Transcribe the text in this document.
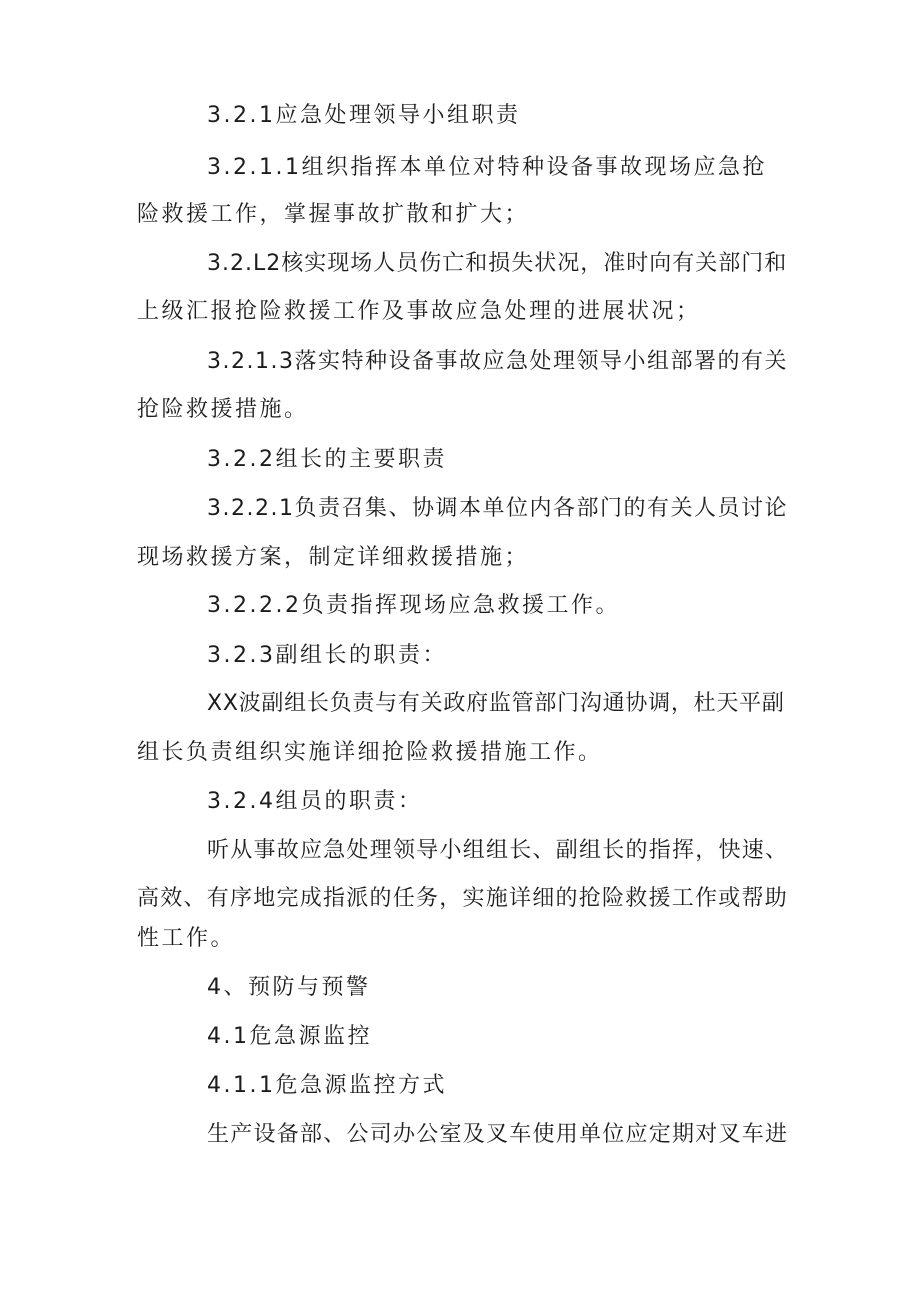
3.2.1应急处理领导小组职责
3.2.1.1组织指挥本单位对特种设备事故现场应急抢
险救援工作，掌握事故扩散和扩大；
3.2.L2核实现场人员伤亡和损失状况，准时向有关部门和
上级汇报抢险救援工作及事故应急处理的进展状况；
3.2.1.3落实特种设备事故应急处理领导小组部署的有关
抢险救援措施。
3.2.2组长的主要职责
3.2.2.1负责召集、协调本单位内各部门的有关人员讨论
现场救援方案，制定详细救援措施；
3.2.2.2负责指挥现场应急救援工作。
3.2.3副组长的职责：
XX波副组长负责与有关政府监管部门沟通协调，杜天平副
组长负责组织实施详细抢险救援措施工作。
3.2.4组员的职责：
听从事故应急处理领导小组组长、副组长的指挥，快速、
高效、有序地完成指派的任务，实施详细的抢险救援工作或帮助
性工作。
4、预防与预警
4.1危急源监控
4.1.1危急源监控方式
生产设备部、公司办公室及叉车使用单位应定期对叉车进
